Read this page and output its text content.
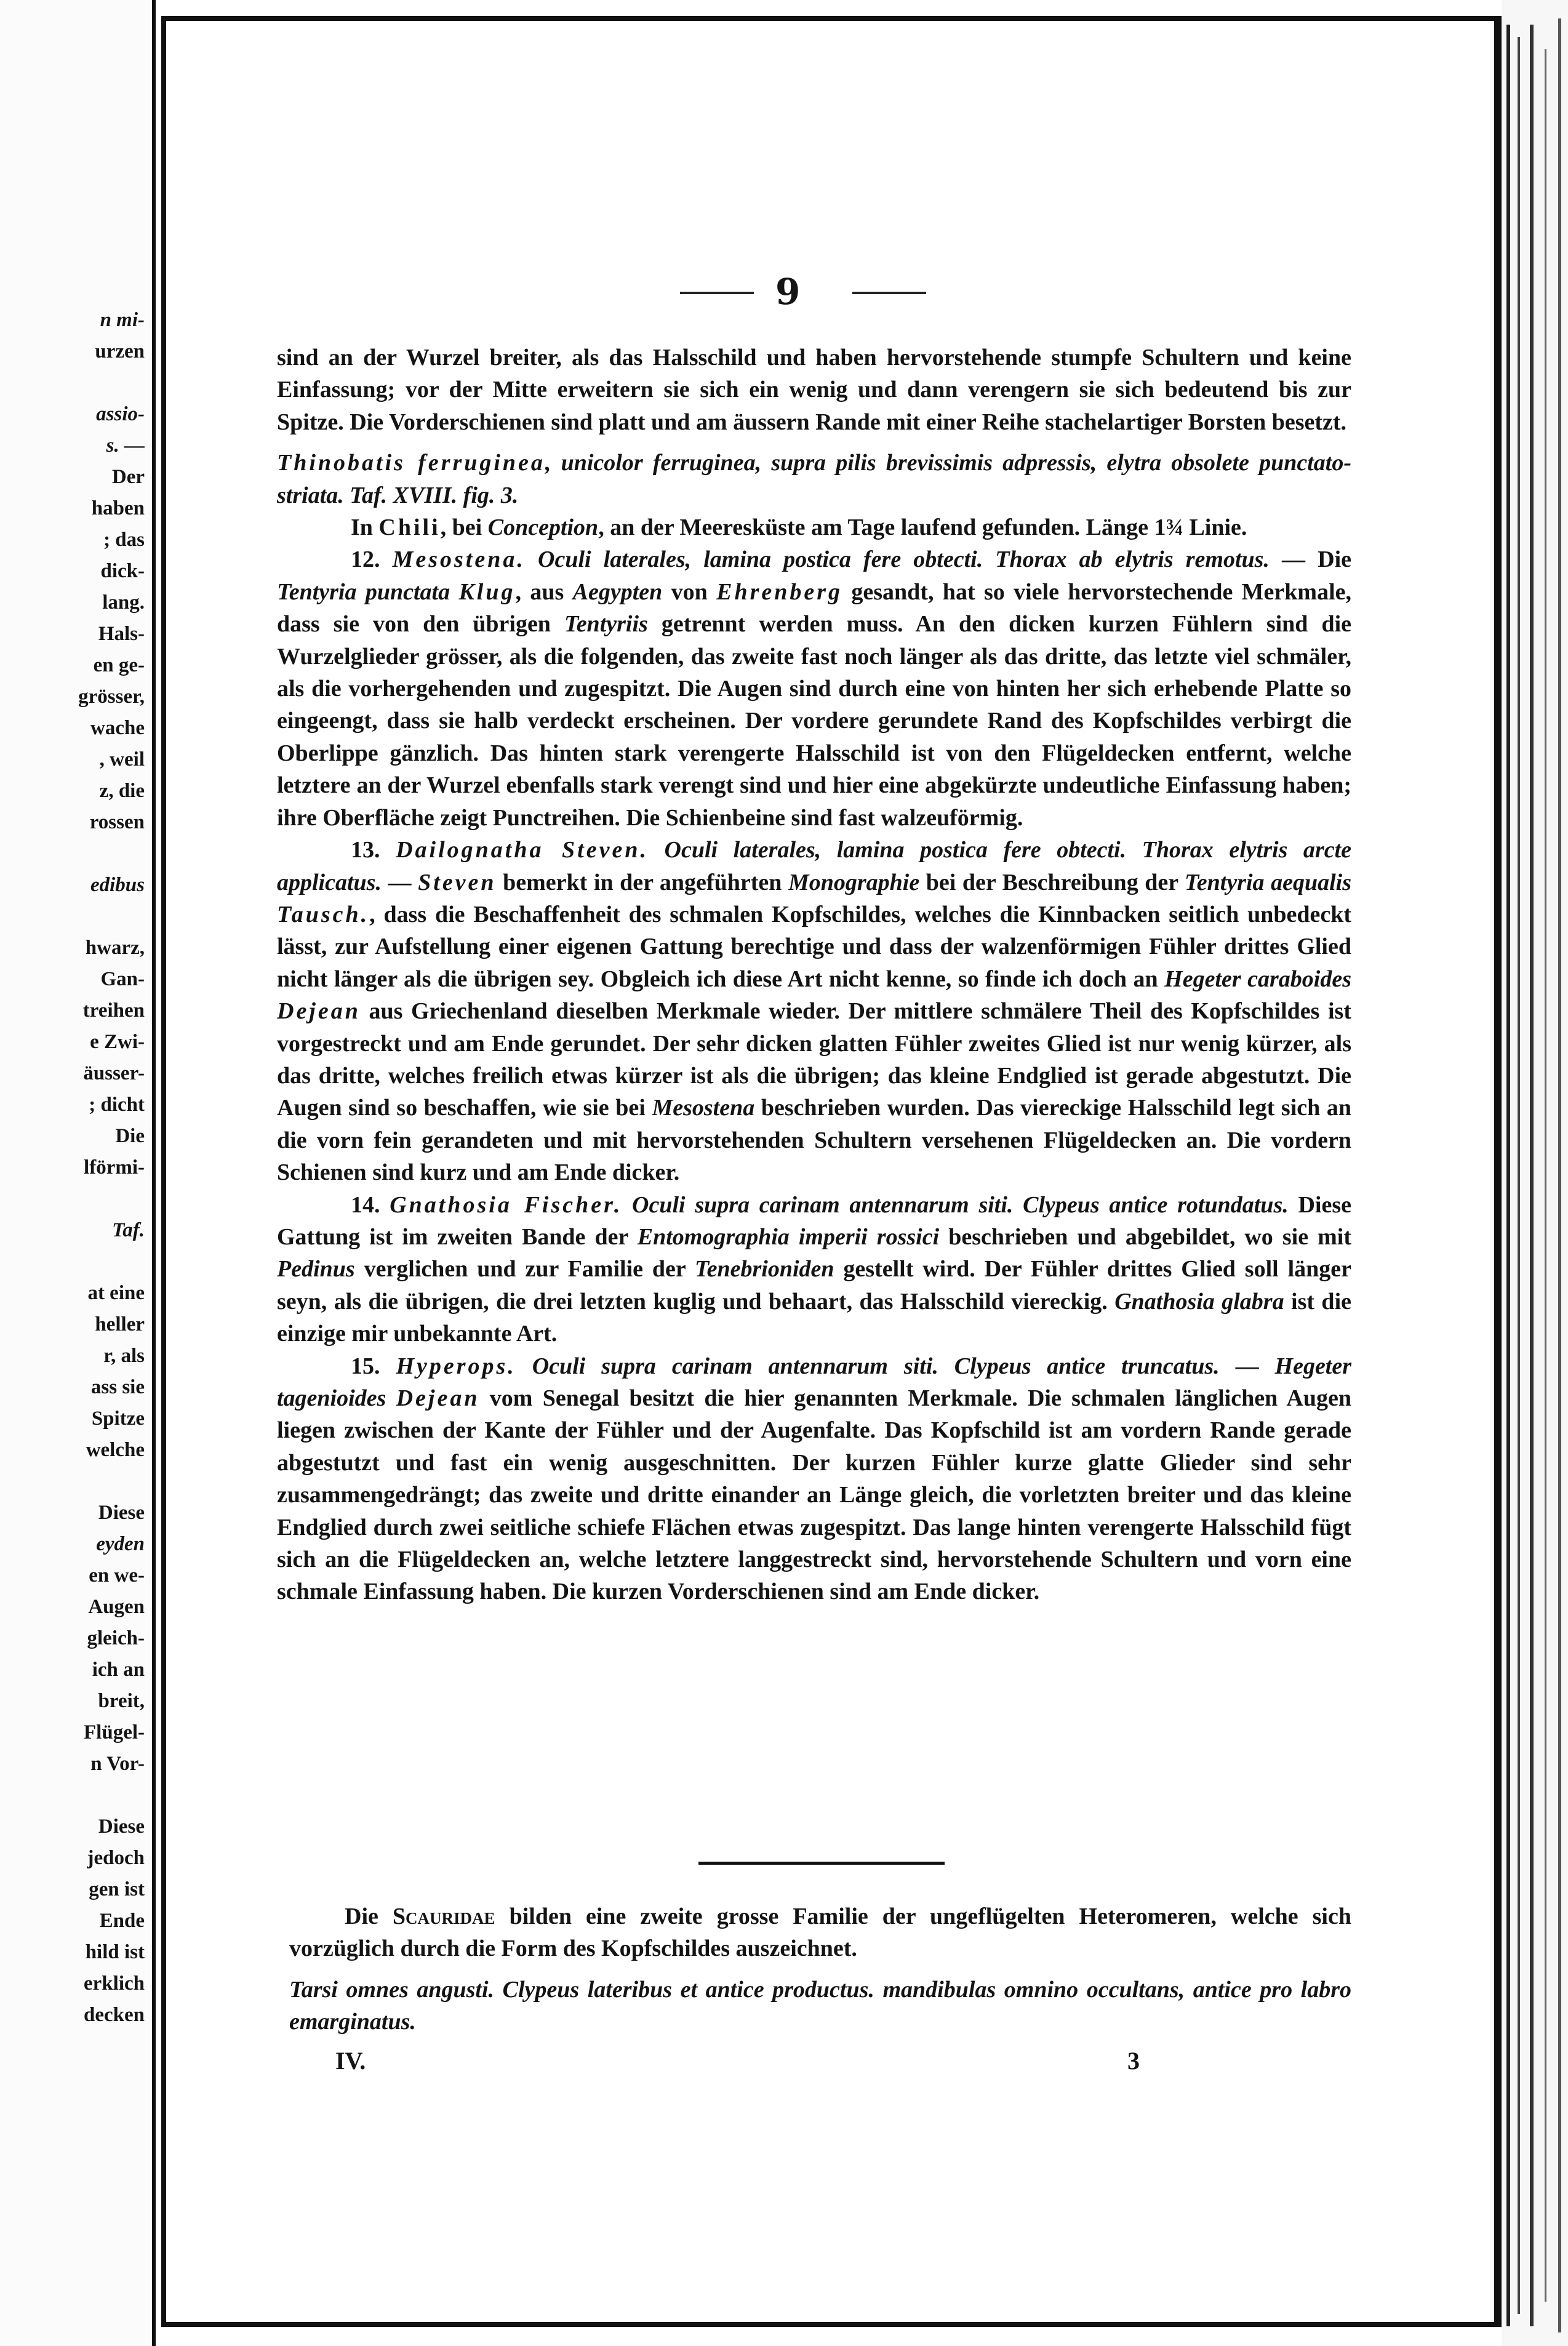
n mi-
urzen
assio-
s. —
Der
haben
; das
dick-
lang.
Hals-
en ge-
grösser,
wache
, weil
z, die
rossen
edibus
hwarz,
Gan-
treihen
e Zwi-
äusser-
; dicht
Die
lförmi-
Taf.
at eine
heller
r, als
ass sie
Spitze
welche
Diese
eyden
en we-
Augen
gleich-
ich an
breit,
Flügel-
n Vor-
Diese
jedoch
gen ist
Ende
hild ist
erklich
decken
9

sind an der Wurzel breiter, als das Halsschild und haben hervorstehende stumpfe Schultern und keine Einfassung; vor der Mitte erweitern sie sich ein wenig und dann verengern sie sich bedeutend bis zur Spitze. Die Vorderschienen sind platt und am äussern Rande mit einer Reihe stachelartiger Borsten besetzt.

Thinobatis ferruginea, unicolor ferruginea, supra pilis brevissimis adpressis, elytra obsolete punctato-striata. Taf. XVIII. fig. 3.

In Chili, bei Conception, an der Meeresküste am Tage laufend gefunden. Länge 1¾ Linie.

12. Mesostena. Oculi laterales, lamina postica fere obtecti. Thorax ab elytris remotus. — Die Tentyria punctata Klug, aus Aegypten von Ehrenberg gesandt, hat so viele hervorstechende Merkmale, dass sie von den übrigen Tentyriis getrennt werden muss. An den dicken kurzen Fühlern sind die Wurzelglieder grösser, als die folgenden, das zweite fast noch länger als das dritte, das letzte viel schmäler, als die vorhergehenden und zugespitzt. Die Augen sind durch eine von hinten her sich erhebende Platte so eingeengt, dass sie halb verdeckt erscheinen. Der vordere gerundete Rand des Kopfschildes verbirgt die Oberlippe gänzlich. Das hinten stark verengerte Halsschild ist von den Flügeldecken entfernt, welche letztere an der Wurzel ebenfalls stark verengt sind und hier eine abgekürzte undeutliche Einfassung haben; ihre Oberfläche zeigt Punctreihen. Die Schienbeine sind fast walzeuförmig.

13. Dailognatha Steven. Oculi laterales, lamina postica fere obtecti. Thorax elytris arcte applicatus. — Steven bemerkt in der angeführten Monographie bei der Beschreibung der Tentyria aequalis Tausch., dass die Beschaffenheit des schmalen Kopfschildes, welches die Kinnbacken seitlich unbedeckt lässt, zur Aufstellung einer eigenen Gattung berechtige und dass der walzenförmigen Fühler drittes Glied nicht länger als die übrigen sey. Obgleich ich diese Art nicht kenne, so finde ich doch an Hegeter caraboides Dejean aus Griechenland dieselben Merkmale wieder. Der mittlere schmälere Theil des Kopfschildes ist vorgestreckt und am Ende gerundet. Der sehr dicken glatten Fühler zweites Glied ist nur wenig kürzer, als das dritte, welches freilich etwas kürzer ist als die übrigen; das kleine Endglied ist gerade abgestutzt. Die Augen sind so beschaffen, wie sie bei Mesostena beschrieben wurden. Das viereckige Halsschild legt sich an die vorn fein gerandeten und mit hervorstehenden Schultern versehenen Flügeldecken an. Die vordern Schienen sind kurz und am Ende dicker.

14. Gnathosia Fischer. Oculi supra carinam antennarum siti. Clypeus antice rotundatus. Diese Gattung ist im zweiten Bande der Entomographia imperii rossici beschrieben und abgebildet, wo sie mit Pedinus verglichen und zur Familie der Tenebrioniden gestellt wird. Der Fühler drittes Glied soll länger seyn, als die übrigen, die drei letzten kuglig und behaart, das Halsschild viereckig. Gnathosia glabra ist die einzige mir unbekannte Art.

15. Hyperops. Oculi supra carinam antennarum siti. Clypeus antice truncatus. — Hegeter tagenioides Dejean vom Senegal besitzt die hier genannten Merkmale. Die schmalen länglichen Augen liegen zwischen der Kante der Fühler und der Augenfalte. Das Kopfschild ist am vordern Rande gerade abgestutzt und fast ein wenig ausgeschnitten. Der kurzen Fühler kurze glatte Glieder sind sehr zusammengedrängt; das zweite und dritte einander an Länge gleich, die vorletzten breiter und das kleine Endglied durch zwei seitliche schiefe Flächen etwas zugespitzt. Das lange hinten verengerte Halsschild fügt sich an die Flügeldecken an, welche letztere langgestreckt sind, hervorstehende Schultern und vorn eine schmale Einfassung haben. Die kurzen Vorderschienen sind am Ende dicker.

Die Scauridae bilden eine zweite grosse Familie der ungeflügelten Heteromeren, welche sich vorzüglich durch die Form des Kopfschildes auszeichnet.

Tarsi omnes angusti. Clypeus lateribus et antice productus. mandibulas omnino occultans, antice pro labro emarginatus.

IV.	3
